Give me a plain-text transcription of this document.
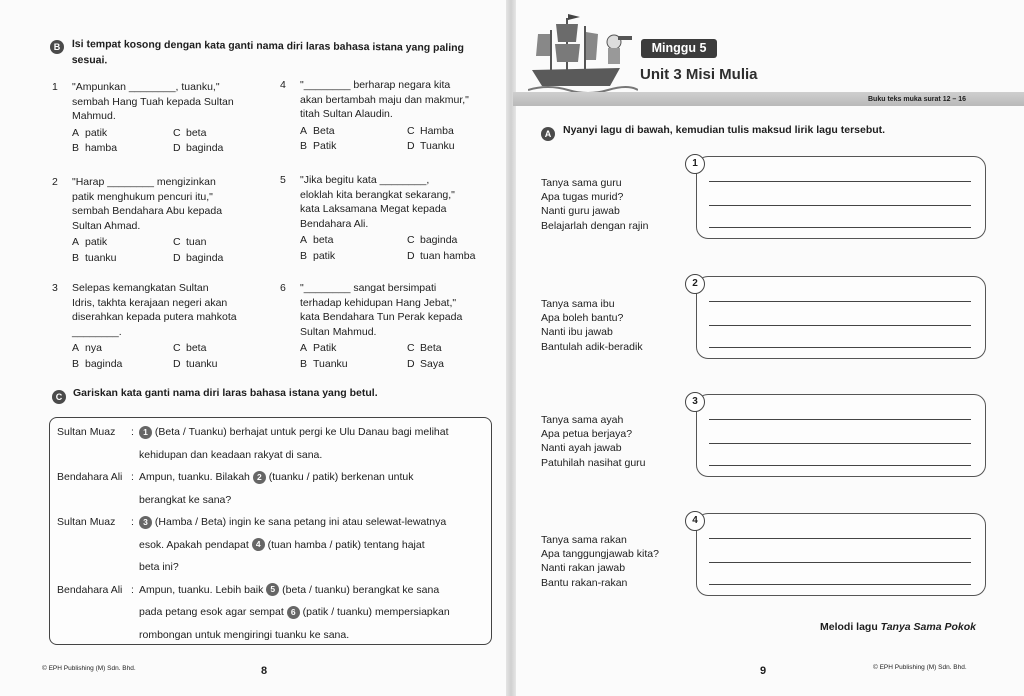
B	Isi tempat kosong dengan kata ganti nama diri laras bahasa istana yang paling
sesuai.
1 "Ampunkan ________, tuanku,"
sembah Hang Tuah kepada Sultan
Mahmud.
A patik	C beta
B hamba	D baginda
2 "Harap ________ mengizinkan
patik menghukum pencuri itu,"
sembah Bendahara Abu kepada
Sultan Ahmad.
A patik	C tuan
B tuanku	D baginda
3 Selepas kemangkatan Sultan
Idris, takhta kerajaan negeri akan
diserahkan kepada putera mahkota
________.
A nya	C beta
B baginda	D tuanku
4 "________ berharap negara kita
akan bertambah maju dan makmur,"
titah Sultan Alaudin.
A Beta	C Hamba
B Patik	D Tuanku
5 "Jika begitu kata ________,
eloklah kita berangkat sekarang,"
kata Laksamana Megat kepada
Bendahara Ali.
A beta	C baginda
B patik	D tuan hamba
6 "________ sangat bersimpati
terhadap kehidupan Hang Jebat,"
kata Bendahara Tun Perak kepada
Sultan Mahmud.
A Patik	C Beta
B Tuanku	D Saya
C	Gariskan kata ganti nama diri laras bahasa istana yang betul.
Sultan Muaz : 1 (Beta / Tuanku) berhajat untuk pergi ke Ulu Danau bagi melihat
kehidupan dan keadaan rakyat di sana.
Bendahara Ali : Ampun, tuanku. Bilakah 2 (tuanku / patik) berkenan untuk
berangkat ke sana?
Sultan Muaz : 3 (Hamba / Beta) ingin ke sana petang ini atau selewat-lewatnya
esok. Apakah pendapat 4 (tuan hamba / patik) tentang hajat
beta ini?
Bendahara Ali : Ampun, tuanku. Lebih baik 5 (beta / tuanku) berangkat ke sana
pada petang esok agar sempat 6 (patik / tuanku) mempersiapkan
rombongan untuk mengiringi tuanku ke sana.
© EPH Publishing (M) Sdn. Bhd.	8
Minggu 5
Unit 3 Misi Mulia
Buku teks muka surat 12 – 16
A	Nyanyi lagu di bawah, kemudian tulis maksud lirik lagu tersebut.
1
Tanya sama guru
Apa tugas murid?
Nanti guru jawab
Belajarlah dengan rajin
2
Tanya sama ibu
Apa boleh bantu?
Nanti ibu jawab
Bantulah adik-beradik
3
Tanya sama ayah
Apa petua berjaya?
Nanti ayah jawab
Patuhilah nasihat guru
4
Tanya sama rakan
Apa tanggungjawab kita?
Nanti rakan jawab
Bantu rakan-rakan
Melodi lagu Tanya Sama Pokok
9	© EPH Publishing (M) Sdn. Bhd.
